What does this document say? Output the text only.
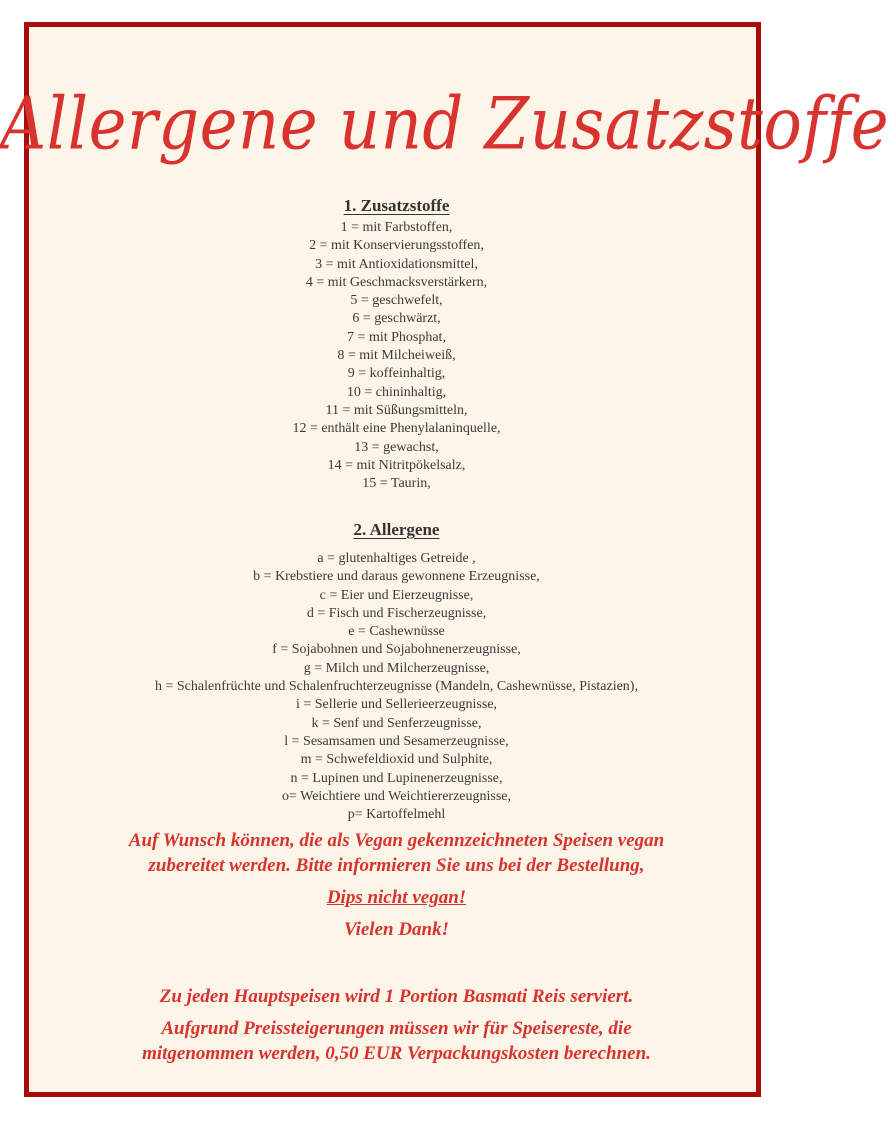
Allergene und Zusatzstoffe
1. Zusatzstoffe
1 = mit Farbstoffen,
2 = mit Konservierungsstoffen,
3 = mit Antioxidationsmittel,
4 = mit Geschmacksverstärkern,
5 = geschwefelt,
6 = geschwärzt,
7 = mit Phosphat,
8 = mit Milcheiweiß,
9 = koffeinhaltig,
10 = chininhaltig,
11 = mit Süßungsmitteln,
12 = enthält eine Phenylalaninquelle,
13 = gewachst,
14 = mit Nitritpökelsalz,
15 = Taurin,
2. Allergene
a = glutenhaltiges Getreide ,
b = Krebstiere und daraus gewonnene Erzeugnisse,
c = Eier und Eierzeugnisse,
d = Fisch und Fischerzeugnisse,
e = Cashewnüsse
f = Sojabohnen und Sojabohnenerzeugnisse,
g = Milch und Milcherzeugnisse,
h = Schalenfrüchte und Schalenfruchterzeugnisse (Mandeln, Cashewnüsse, Pistazien),
i = Sellerie und Sellerieerzeugnisse,
k = Senf und Senferzeugnisse,
l = Sesamsamen und Sesamerzeugnisse,
m = Schwefeldioxid und Sulphite,
n = Lupinen und Lupinenerzeugnisse,
o= Weichtiere und Weichtiererzeugnisse,
p= Kartoffelmehl

Auf Wunsch können, die als Vegan gekennzeichneten Speisen vegan

zubereitet werden. Bitte informieren Sie uns bei der Bestellung,

Dips nicht vegan!

Vielen Dank!

Zu jeden Hauptspeisen wird 1 Portion Basmati Reis serviert.

Aufgrund Preissteigerungen müssen wir für Speisereste, die

mitgenommen werden, 0,50 EUR Verpackungskosten berechnen.
